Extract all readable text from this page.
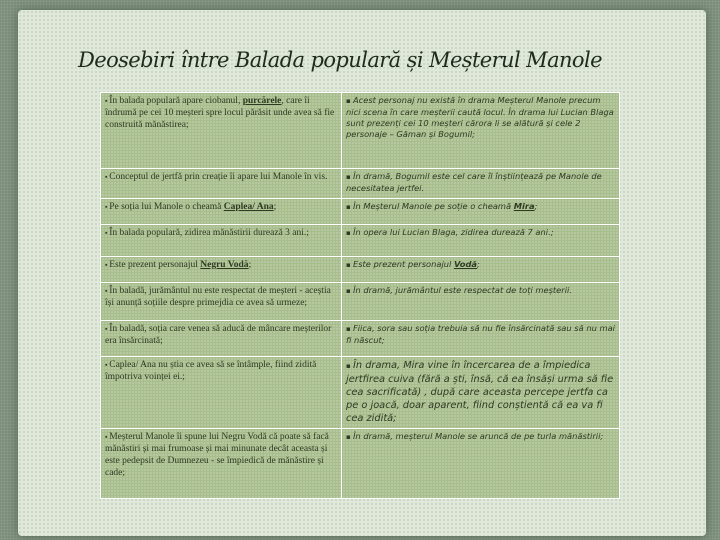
Deosebiri între Balada populară și Meșterul Manole
▪ În balada populară apare ciobanul, purcărele, care îi îndrumă pe cei 10 meșteri spre locul părăsit unde avea să fie construită mănăstirea;	▪ Acest personaj nu există în drama Meșterul Manole precum nici scena în care meșterii caută locul. În drama lui Lucian Blaga sunt prezenți cei 10 meșteri cărora li se alătură și cele 2 personaje – Găman și Bogumil;
▪ Conceptul de jertfă prin creație îi apare lui Manole în vis.	▪ În dramă, Bogumil este cel care îl înștiințează pe Manole de necesitatea jertfei.
▪ Pe soția lui Manole o cheamă Caplea/ Ana;	▪ În Meșterul Manole pe soție o cheamă Mira;
▪ În balada populară, zidirea mănăstirii durează 3 ani.;	▪ În opera lui Lucian Blaga, zidirea durează 7 ani.;
▪ Este prezent personajul Negru Vodă;	▪ Este prezent personajul Vodă;
▪ În baladă, jurământul nu este respectat de meșteri - aceștia își anunță soțiile despre primejdia ce avea să urmeze;	▪ În dramă, jurământul este respectat de toți meșterii.
▪ În baladă, soția care venea să aducă de mâncare meșterilor era însărcinată;	▪ Fiica, sora sau soția trebuia să nu fie însărcinată sau să nu mai fi născut;
▪ Caplea/ Ana nu știa ce avea să se întâmple, fiind zidită împotriva voinței ei.;	▪ În drama, Mira vine în încercarea de a împiedica jertfirea cuiva (fără a ști, însă, că ea însăși urma să fie cea sacrificată) , după care aceasta percepe jertfa ca pe o joacă, doar aparent, fiind conștientă că ea va fi cea zidită;
▪ Meșterul Manole îi spune lui Negru Vodă că poate să facă mănăstiri și mai frumoase și mai minunate decât aceasta și este pedepsit de Dumnezeu - se împiedică de mănăstire și cade;	▪ În dramă, meșterul Manole se aruncă de pe turla mănăstirii;
